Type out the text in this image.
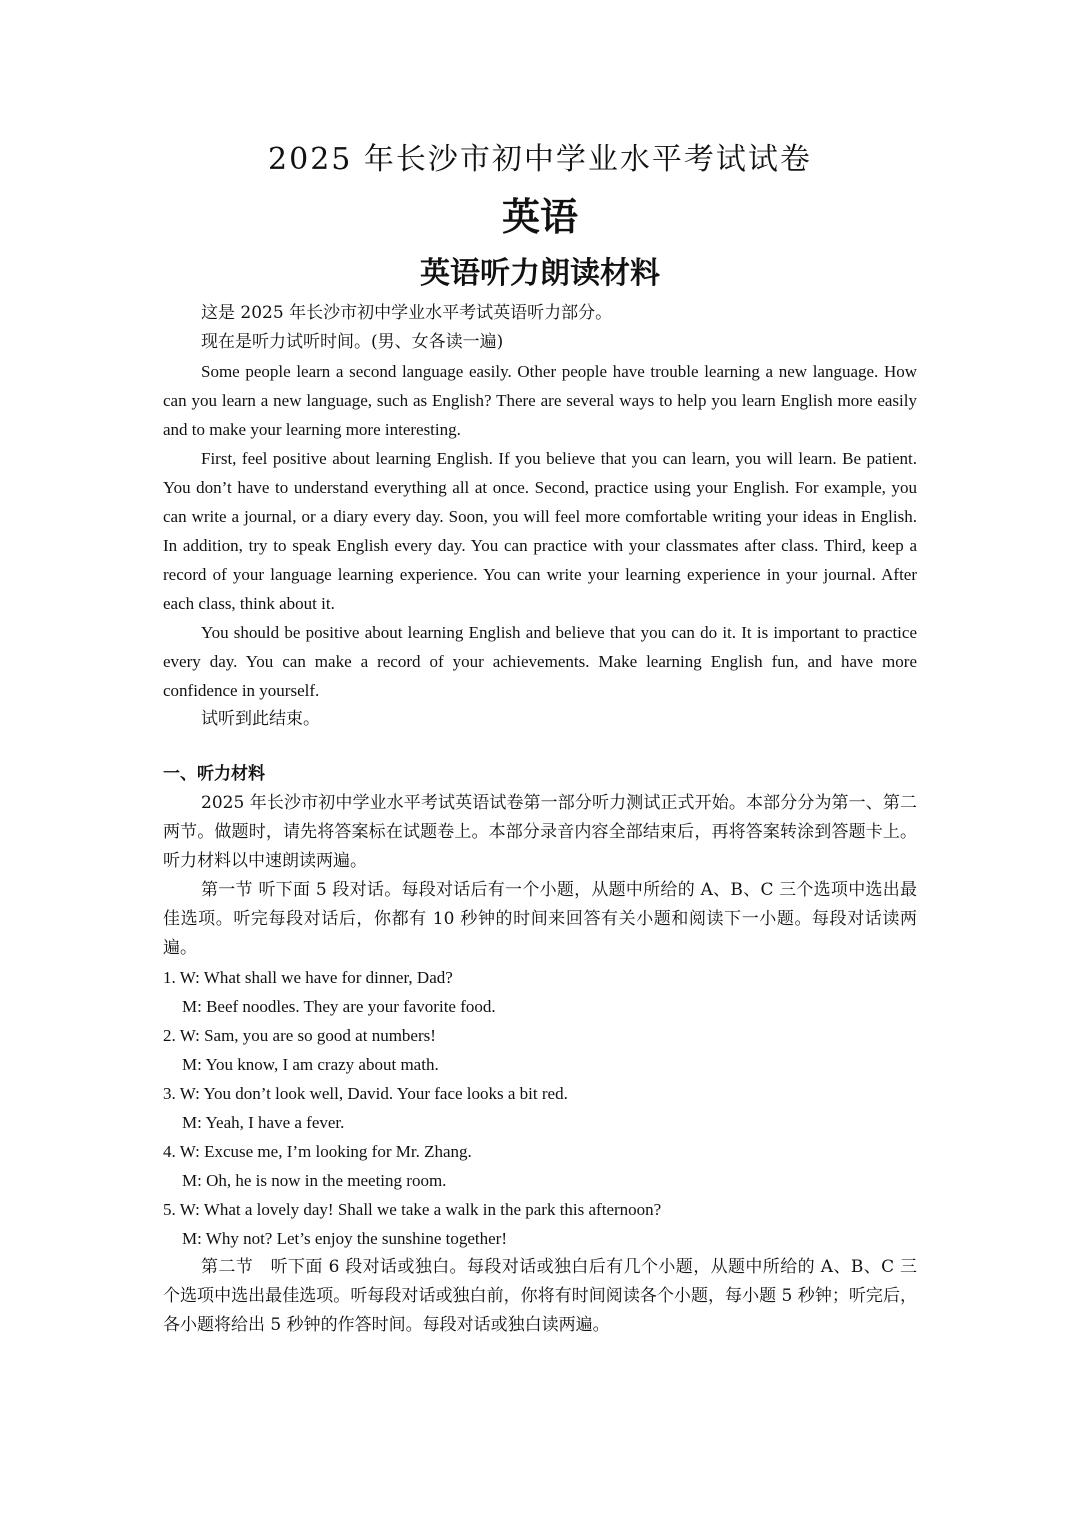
2025 年长沙市初中学业水平考试试卷
英语
英语听力朗读材料

这是 2025 年长沙市初中学业水平考试英语听力部分。

现在是听力试听时间。(男、女各读一遍)

Some people learn a second language easily. Other people have trouble learning a new language. How can you learn a new language, such as English? There are several ways to help you learn English more easily and to make your learning more interesting.

First, feel positive about learning English. If you believe that you can learn, you will learn. Be patient. You don’t have to understand everything all at once. Second, practice using your English. For example, you can write a journal, or a diary every day. Soon, you will feel more comfortable writing your ideas in English. In addition, try to speak English every day. You can practice with your classmates after class. Third, keep a record of your language learning experience. You can write your learning experience in your journal. After each class, think about it.

You should be positive about learning English and believe that you can do it. It is important to practice every day. You can make a record of your achievements. Make learning English fun, and have more confidence in yourself.

试听到此结束。

一、听力材料

2025 年长沙市初中学业水平考试英语试卷第一部分听力测试正式开始。本部分分为第一、第二两节。做题时，请先将答案标在试题卷上。本部分录音内容全部结束后，再将答案转涂到答题卡上。听力材料以中速朗读两遍。

第一节 听下面 5 段对话。每段对话后有一个小题，从题中所给的 A、B、C 三个选项中选出最佳选项。听完每段对话后，你都有 10 秒钟的时间来回答有关小题和阅读下一小题。每段对话读两遍。

1. W: What shall we have for dinner, Dad?

M: Beef noodles. They are your favorite food.

2. W: Sam, you are so good at numbers!

M: You know, I am crazy about math.

3. W: You don’t look well, David. Your face looks a bit red.

M: Yeah, I have a fever.

4. W: Excuse me, I’m looking for Mr. Zhang.

M: Oh, he is now in the meeting room.

5. W: What a lovely day! Shall we take a walk in the park this afternoon?

M: Why not? Let’s enjoy the sunshine together!

第二节　听下面 6 段对话或独白。每段对话或独白后有几个小题，从题中所给的 A、B、C 三个选项中选出最佳选项。听每段对话或独白前，你将有时间阅读各个小题，每小题 5 秒钟；听完后，各小题将给出 5 秒钟的作答时间。每段对话或独白读两遍。
